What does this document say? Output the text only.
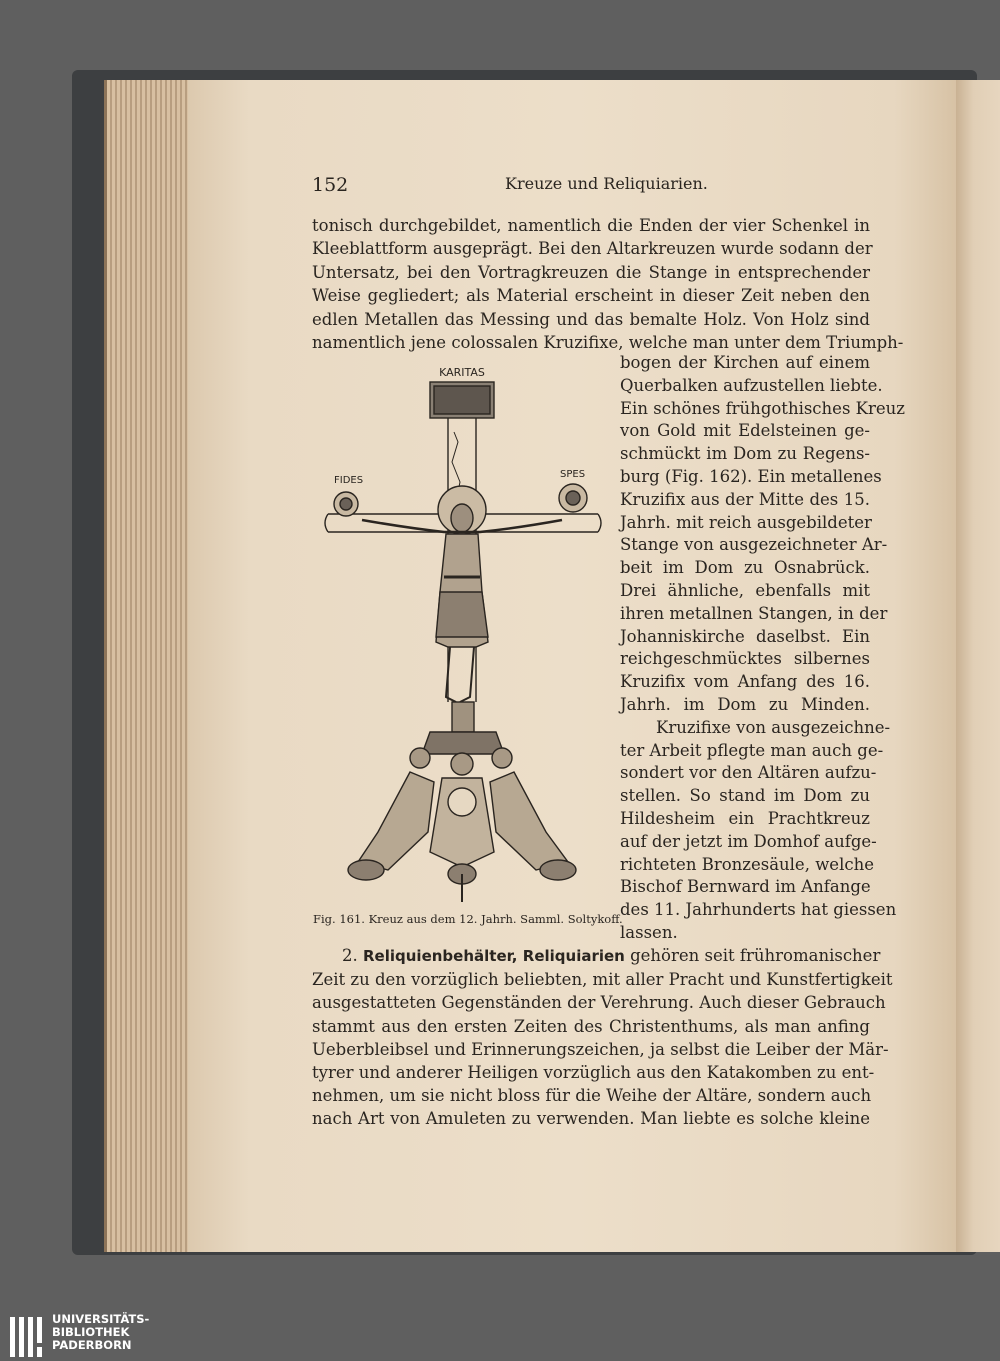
152	Kreuze und Reliquiarien.
tonisch durchgebildet, namentlich die Enden der vier Schenkel in
Kleeblattform ausgeprägt. Bei den Altarkreuzen wurde sodann der
Untersatz, bei den Vortragkreuzen die Stange in entsprechender
Weise gegliedert; als Material erscheint in dieser Zeit neben den
edlen Metallen das Messing und das bemalte Holz. Von Holz sind
namentlich jene colossalen Kruzifixe, welche man unter dem Triumph-
bogen der Kirchen auf einem
Querbalken aufzustellen liebte.
Ein schönes frühgothisches Kreuz
von Gold mit Edelsteinen ge-
schmückt im Dom zu Regens-
burg (Fig. 162). Ein metallenes
Kruzifix aus der Mitte des 15.
Jahrh. mit reich ausgebildeter
Stange von ausgezeichneter Ar-
beit im Dom zu Osnabrück.
Drei ähnliche, ebenfalls mit
ihren metallnen Stangen, in der
Johanniskirche daselbst. Ein
reichgeschmücktes silbernes
Kruzifix vom Anfang des 16.
Jahrh. im Dom zu Minden.
Kruzifixe von ausgezeichne-
ter Arbeit pflegte man auch ge-
sondert vor den Altären aufzu-
stellen. So stand im Dom zu
Hildesheim ein Prachtkreuz
auf der jetzt im Domhof aufge-
richteten Bronzesäule, welche
Bischof Bernward im Anfange
des 11. Jahrhunderts hat giessen
lassen.
KARITAS
FIDES
SPES
Fig. 161. Kreuz aus dem 12. Jahrh. Samml. Soltykoff.
2. Reliquienbehälter, Reliquiarien gehören seit frühromanischer
Zeit zu den vorzüglich beliebten, mit aller Pracht und Kunstfertigkeit
ausgestatteten Gegenständen der Verehrung. Auch dieser Gebrauch
stammt aus den ersten Zeiten des Christenthums, als man anfing
Ueberbleibsel und Erinnerungszeichen, ja selbst die Leiber der Mär-
tyrer und anderer Heiligen vorzüglich aus den Katakomben zu ent-
nehmen, um sie nicht bloss für die Weihe der Altäre, sondern auch
nach Art von Amuleten zu verwenden. Man liebte es solche kleine
UNIVERSITÄTS-
BIBLIOTHEK
PADERBORN
